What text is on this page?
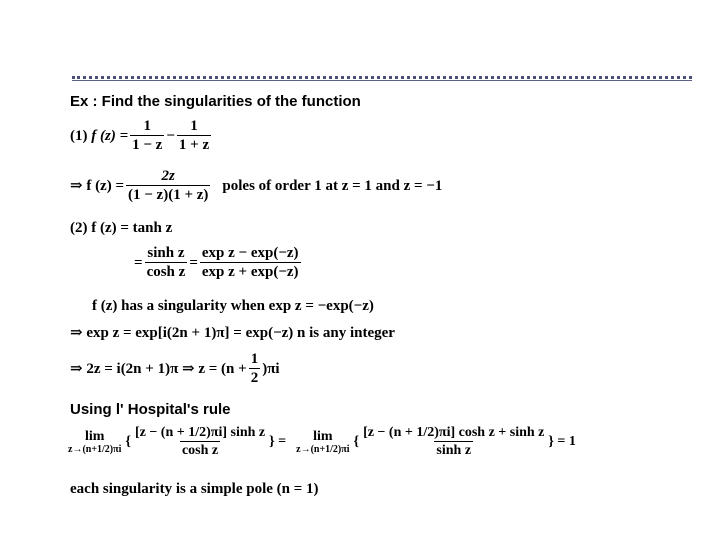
Ex : Find the singularities of the function
(1)
f $(z) = \frac{1}{1 - z} - \frac{1}{1 + z}$
⇒ f $(z) = \frac{2z}{(1 - z)(1 + z)}$ poles of order 1 at z = 1 and z = −1
(2) f (z) = tanh z
= $\frac{\text{sinh z}}{\text{cosh z}} = \frac{\text{exp z − exp(−z)}}{\text{exp z + exp(−z)}}$
f (z) has a singularity when exp z = −exp(−z)
⇒ exp z = exp[i(2n + 1)π] = exp(−z) n is any integer
⇒ 2z = i(2n + 1)π ⇒ $z = (n + \frac{1}{2} )\pi i$
Using l' Hospital's rule
lim
z→(n+1/2)πi
{ $\frac{\text{[z − (n + 1/2)πi] sinh z}}{\text{cosh z}}$ } = lim
z→(n+1/2)πi
{ $\frac{\text{[z − (n + 1/2)πi] cosh z + sinh z}}{\text{sinh z}}$ } = 1
each singularity is a simple pole (n = 1)
